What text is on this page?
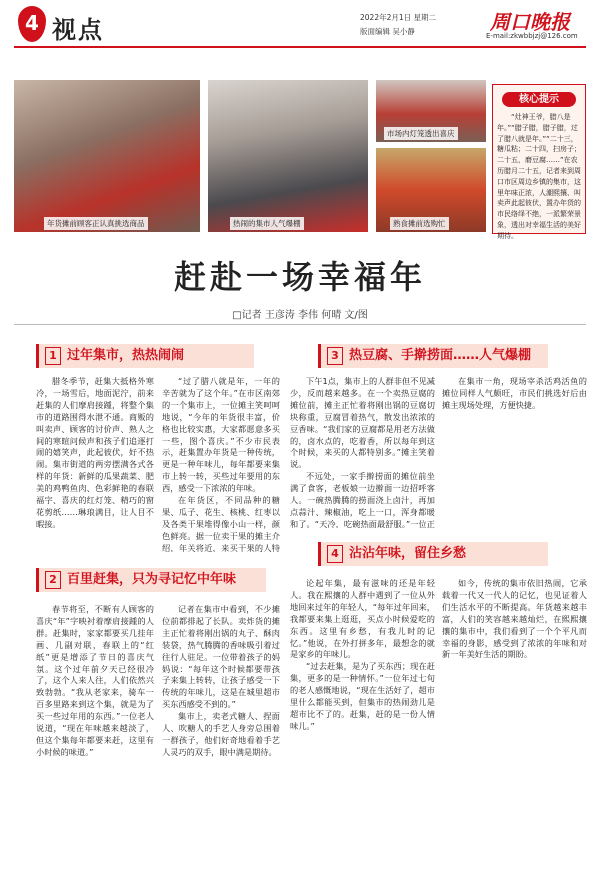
4 视点	2022年2月1日 星期二
版面编辑 吴小静	周口晚报
E-mail:zkwbbjzj@126.com
年货摊前顾客正认真挑选商品	热闹的集市人气爆棚
市场内灯笼透出喜庆
熟食摊前选购忙
核心提示
“灶神王爷，腊八是年。”“腊子腊，腊子腊，过了腊八就是年。”“二十三，糖瓜粘；二十四，扫房子；二十五，磨豆腐……”在农历腊月二十五，记者来到周口市区周边乡镇的集市，这里年味正浓，人潮熙攘、叫卖声此起彼伏，置办年货的市民络绎不绝，一派繁荣景象，透出对幸福生活的美好期待。
赶赴一场幸福年
□记者 王彦涛 李伟 何晴 文/图
1 过年集市，热热闹闹

腊冬季节，赶集大抵格外寒冷，一场雪后，地面泥泞，前来赶集的人们摩肩接踵，将整个集市的道路围得水泄不通。商贩的叫卖声、顾客的讨价声、熟人之间的寒暄问候声和孩子们追逐打闹的嬉笑声，此起彼伏，好不热闹。集市街道的两旁摆满各式各样的年货：新鲜的瓜果蔬菜、肥美的鸡鸭鱼肉、色彩鲜艳的春联福字、喜庆的红灯笼、精巧的窗花剪纸……琳琅满目，让人目不暇接。

“过了腊八就是年，一年的辛苦就为了这个年。”在市区南郊的一个集市上，一位摊主笑呵呵地说，“今年的年货很丰富，价格也比较实惠，大家都愿意多买一些，图个喜庆。”不少市民表示，赶集置办年货是一种传统，更是一种年味儿，每年都要来集市上转一转，买些过年要用的东西，感受一下浓浓的年味。

在年货区，不同品种的糖果、瓜子、花生、核桃、红枣以及各类干果堆得像小山一样，颜色鲜亮。据一位卖干果的摊主介绍，年关将近，来买干果的人特

3 热豆腐、手擀捞面……人气爆棚

下午1点，集市上的人群非但不见减少，反而越来越多。在一个卖热豆腐的摊位前，摊主正忙着将刚出锅的豆腐切块称重，豆腐冒着热气，散发出浓浓的豆香味。“我们家的豆腐都是用老方法做的，卤水点的，吃着香，所以每年到这个时候，来买的人都特别多。”摊主笑着说。

不远处，一家手擀捞面的摊位前坐满了食客，老板娘一边擀面一边招呼客人。一碗热腾腾的捞面浇上卤汁，再加点蒜汁、辣椒油，吃上一口，浑身都暖和了。“天冷，吃碗热面最舒服。”一位正

在集市一角，现场宰杀活鸡活鱼的摊位同样人气颇旺，市民们挑选好后由摊主现场处理，方便快捷。

2 百里赶集，只为寻记忆中年味

春节将至，不断有人顾客的喜庆“年”字映衬着摩肩接踵的人群。赶集时，家家都要买几挂年画、几副对联，春联上的“红纸”更是增添了节日的喜庆气氛。这个过年前夕天已经很冷了，这个人来人往，人们依然兴致勃勃。“我从老家来，骑车一百多里路来到这个集，就是为了买一些过年用的东西。”一位老人说道，“现在年味越来越淡了，但这个集每年都要来赶，这里有小时候的味道。”

记者在集市中看到，不少摊位前都排起了长队。卖炸货的摊主正忙着将刚出锅的丸子、酥肉装袋，热气腾腾的香味吸引着过往行人驻足。一位带着孩子的妈妈说：“每年这个时候都要带孩子来集上转转，让孩子感受一下传统的年味儿，这是在城里超市买东西感受不到的。”

集市上，卖老式糖人、捏面人、吹糖人的手艺人身旁总围着一群孩子，他们好奇地看着手艺人灵巧的双手，眼中满是期待。

4 沾沾年味，留住乡愁

论起年集，最有滋味的还是年轻人。我在熙攘的人群中遇到了一位从外地回来过年的年轻人，“每年过年回来，我都要来集上逛逛，买点小时候爱吃的东西。这里有乡愁，有我儿时的记忆。”他说，在外打拼多年，最想念的就是家乡的年味儿。

“过去赶集，是为了买东西；现在赶集，更多的是一种情怀。”一位年过七旬的老人感慨地说，“现在生活好了，超市里什么都能买到，但集市的热闹劲儿是超市比不了的。赶集，赶的是一份人情味儿。”

如今，传统的集市依旧热闹，它承载着一代又一代人的记忆，也见证着人们生活水平的不断提高。年货越来越丰富，人们的笑容越来越灿烂，在熙熙攘攘的集市中，我们看到了一个个平凡而幸福的身影，感受到了浓浓的年味和对新一年美好生活的期盼。
